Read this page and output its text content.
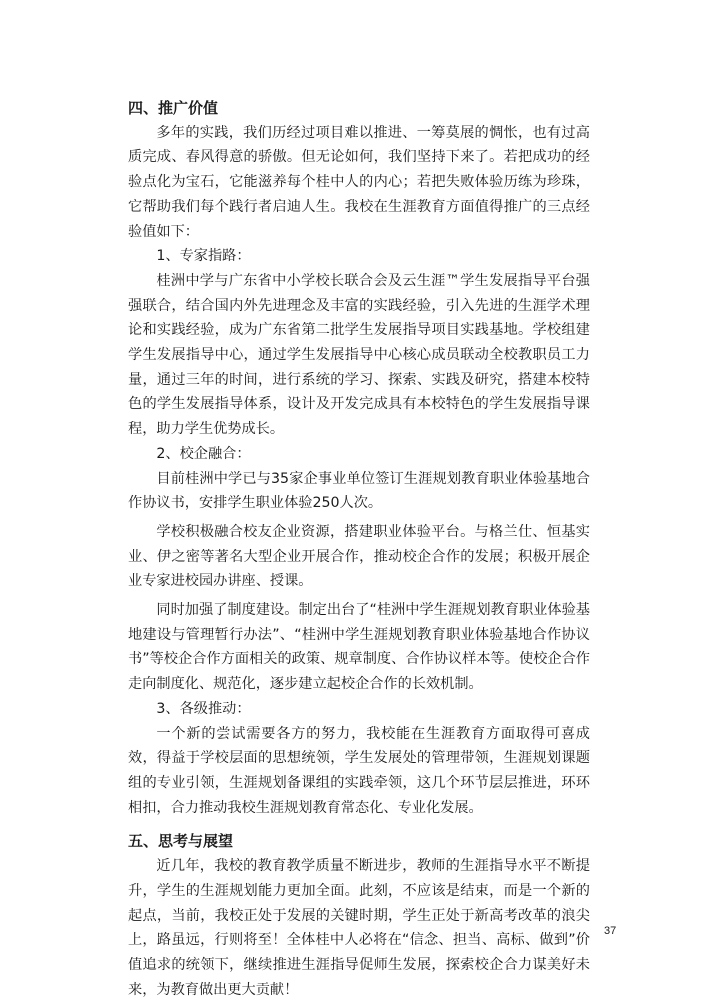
四、推广价值

多年的实践，我们历经过项目难以推进、一筹莫展的惆怅，也有过高质完成、春风得意的骄傲。但无论如何，我们坚持下来了。若把成功的经验点化为宝石，它能滋养每个桂中人的内心；若把失败体验历练为珍珠，它帮助我们每个践行者启迪人生。我校在生涯教育方面值得推广的三点经验值如下：

1、专家指路：

桂洲中学与广东省中小学校长联合会及云生涯™学生发展指导平台强强联合，结合国内外先进理念及丰富的实践经验，引入先进的生涯学术理论和实践经验，成为广东省第二批学生发展指导项目实践基地。学校组建学生发展指导中心，通过学生发展指导中心核心成员联动全校教职员工力量，通过三年的时间，进行系统的学习、探索、实践及研究，搭建本校特色的学生发展指导体系，设计及开发完成具有本校特色的学生发展指导课程，助力学生优势成长。

2、校企融合：

目前桂洲中学已与35家企事业单位签订生涯规划教育职业体验基地合作协议书，安排学生职业体验250人次。

学校积极融合校友企业资源，搭建职业体验平台。与格兰仕、恒基实业、伊之密等著名大型企业开展合作，推动校企合作的发展；积极开展企业专家进校园办讲座、授课。

同时加强了制度建设。制定出台了“桂洲中学生涯规划教育职业体验基地建设与管理暂行办法”、“桂洲中学生涯规划教育职业体验基地合作协议书”等校企合作方面相关的政策、规章制度、合作协议样本等。使校企合作走向制度化、规范化，逐步建立起校企合作的长效机制。

3、各级推动：

一个新的尝试需要各方的努力，我校能在生涯教育方面取得可喜成效，得益于学校层面的思想统领，学生发展处的管理带领，生涯规划课题组的专业引领，生涯规划备课组的实践牵领，这几个环节层层推进，环环相扣，合力推动我校生涯规划教育常态化、专业化发展。

五、思考与展望

近几年，我校的教育教学质量不断进步，教师的生涯指导水平不断提升，学生的生涯规划能力更加全面。此刻，不应该是结束，而是一个新的起点，当前，我校正处于发展的关键时期，学生正处于新高考改革的浪尖上，路虽远，行则将至！全体桂中人必将在“信念、担当、高标、做到”价值追求的统领下，继续推进生涯指导促师生发展，探索校企合力谋美好未来，为教育做出更大贡献！

37
